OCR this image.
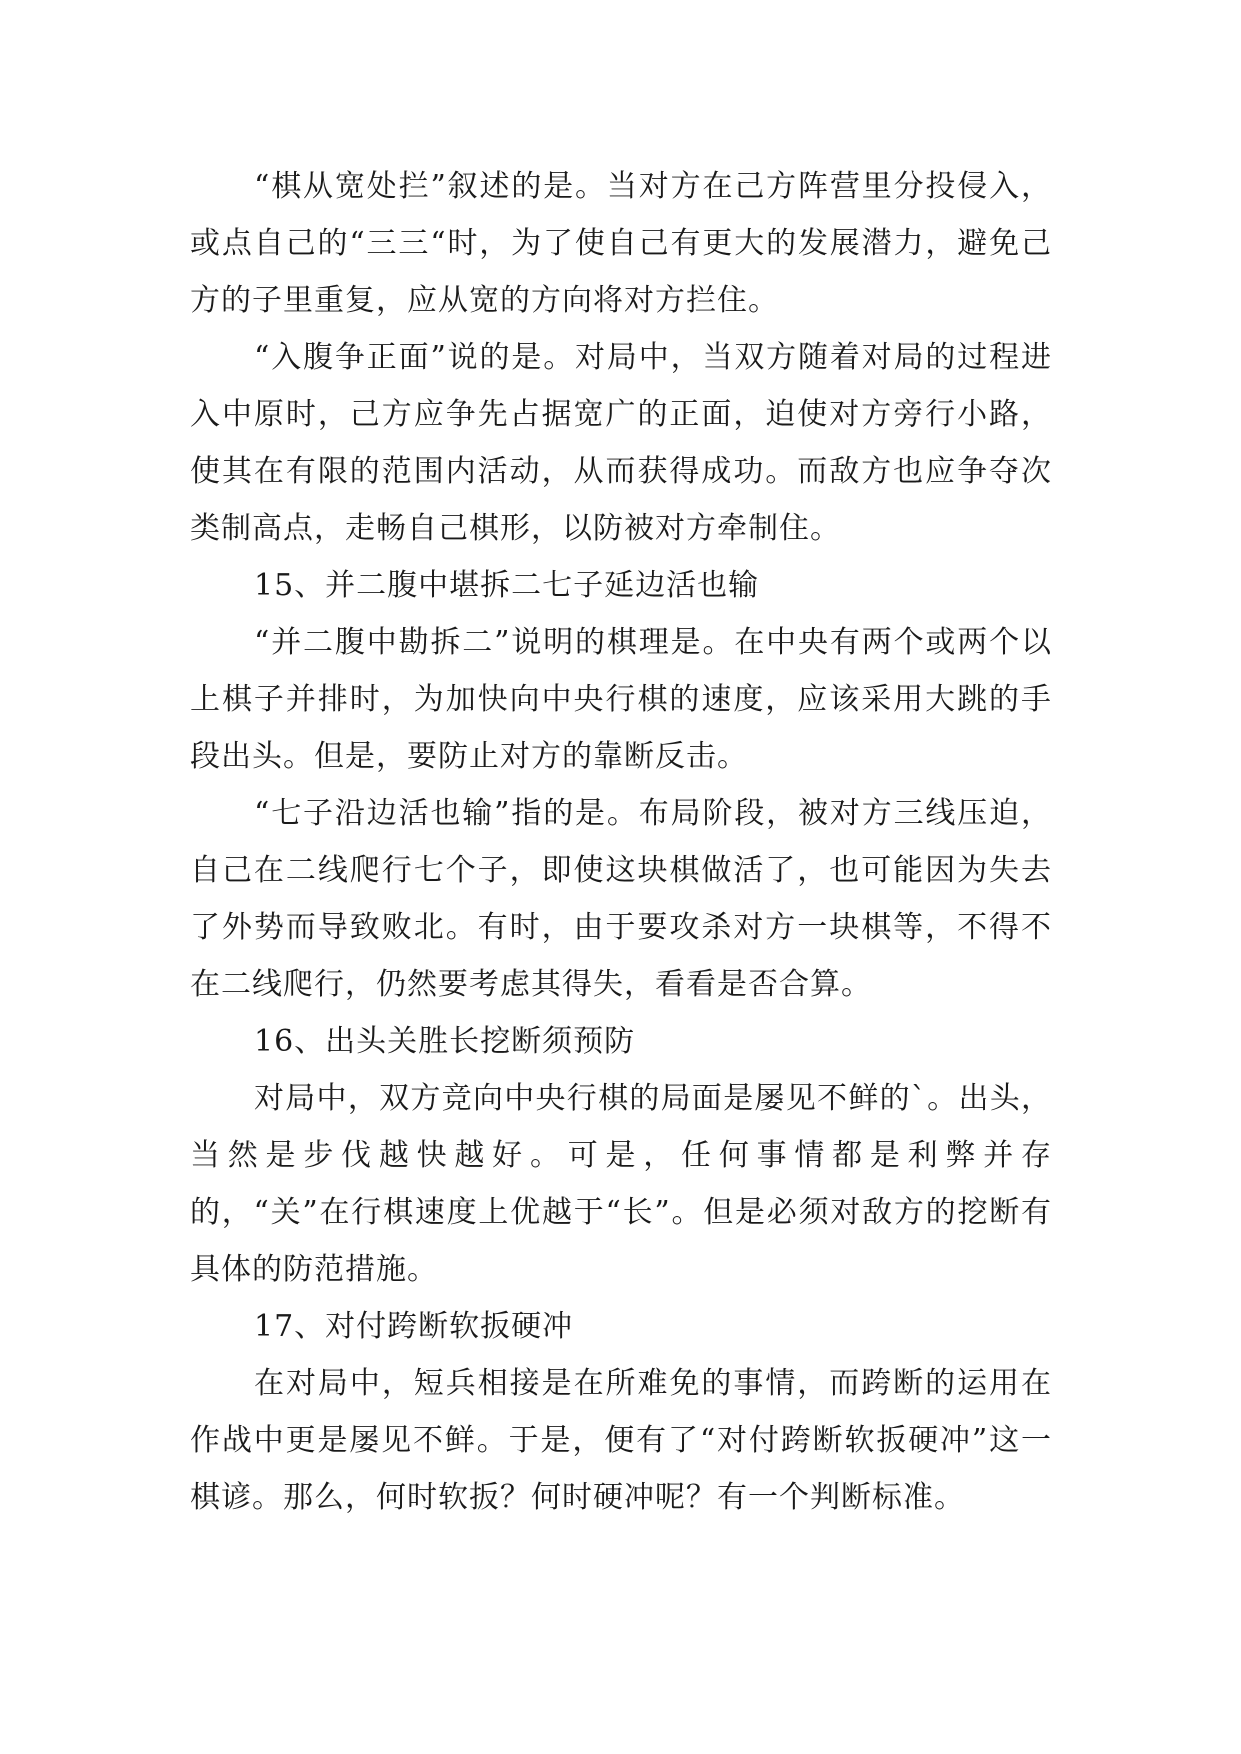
“棋从宽处拦”叙述的是。当对方在己方阵营里分投侵入，或点自己的“三三“时，为了使自己有更大的发展潜力，避免己方的子里重复，应从宽的方向将对方拦住。

“入腹争正面”说的是。对局中，当双方随着对局的过程进入中原时，己方应争先占据宽广的正面，迫使对方旁行小路，使其在有限的范围内活动，从而获得成功。而敌方也应争夺次类制高点，走畅自己棋形，以防被对方牵制住。

15、并二腹中堪拆二七子延边活也输

“并二腹中勘拆二”说明的棋理是。在中央有两个或两个以上棋子并排时，为加快向中央行棋的速度，应该采用大跳的手段出头。但是，要防止对方的靠断反击。

“七子沿边活也输”指的是。布局阶段，被对方三线压迫，自己在二线爬行七个子，即使这块棋做活了，也可能因为失去了外势而导致败北。有时，由于要攻杀对方一块棋等，不得不在二线爬行，仍然要考虑其得失，看看是否合算。

16、出头关胜长挖断须预防

对局中，双方竞向中央行棋的局面是屡见不鲜的`。出头，当然是步伐越快越好。可是，任何事情都是利弊并存的，“关”在行棋速度上优越于“长”。但是必须对敌方的挖断有具体的防范措施。

17、对付跨断软扳硬冲

在对局中，短兵相接是在所难免的事情，而跨断的运用在作战中更是屡见不鲜。于是，便有了“对付跨断软扳硬冲”这一棋谚。那么，何时软扳？何时硬冲呢？有一个判断标准。
